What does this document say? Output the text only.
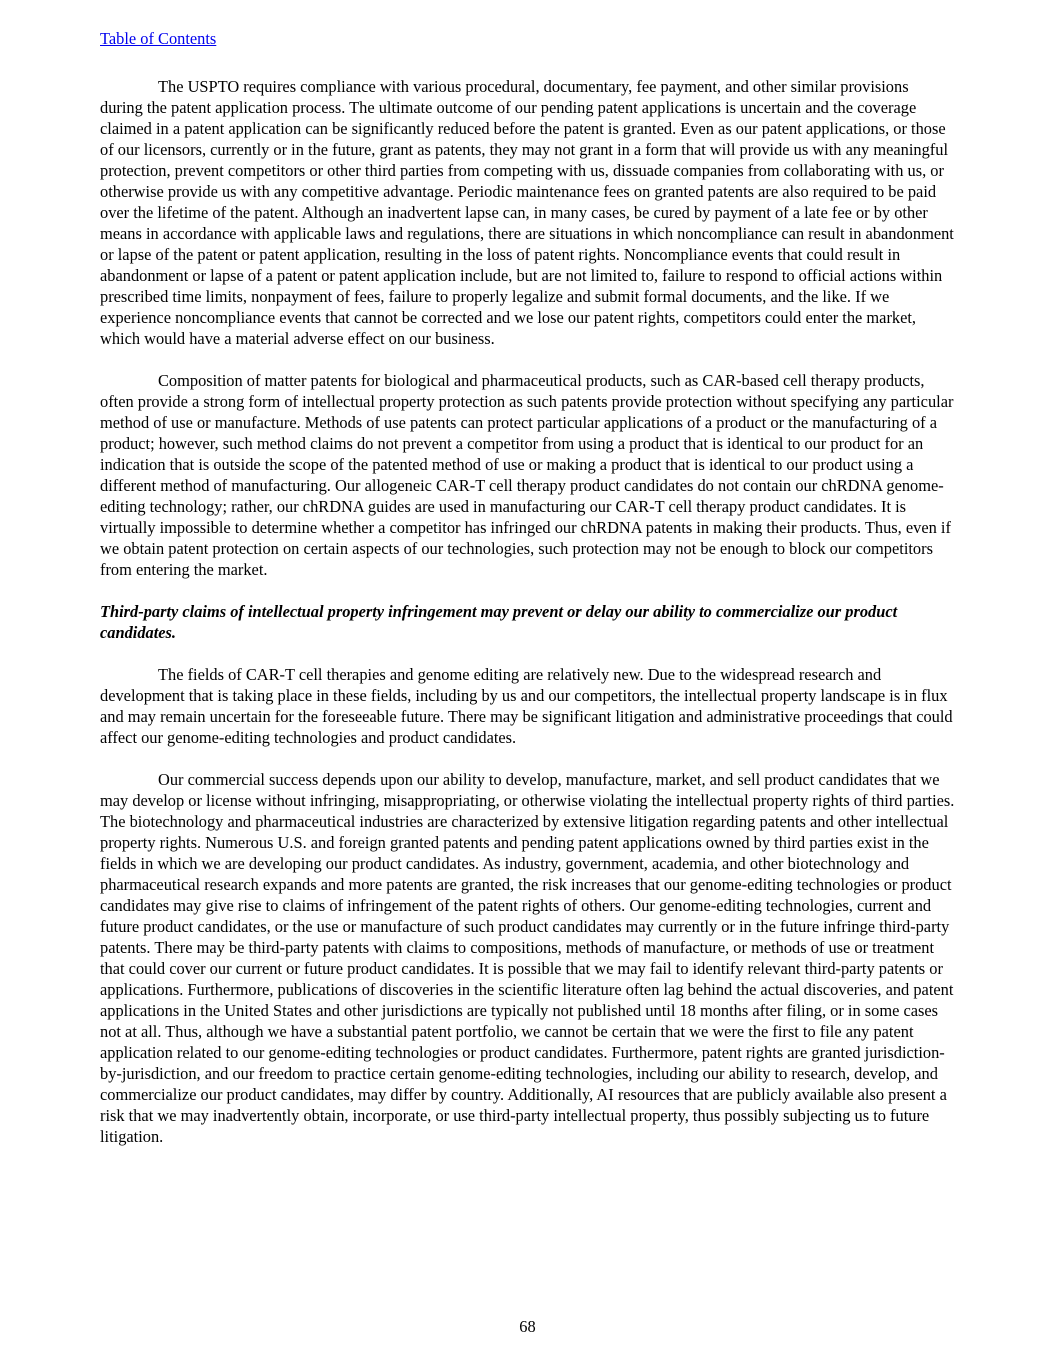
Table of Contents

The USPTO requires compliance with various procedural, documentary, fee payment, and other similar provisions during the patent application process. The ultimate outcome of our pending patent applications is uncertain and the coverage claimed in a patent application can be significantly reduced before the patent is granted. Even as our patent applications, or those of our licensors, currently or in the future, grant as patents, they may not grant in a form that will provide us with any meaningful protection, prevent competitors or other third parties from competing with us, dissuade companies from collaborating with us, or otherwise provide us with any competitive advantage. Periodic maintenance fees on granted patents are also required to be paid over the lifetime of the patent. Although an inadvertent lapse can, in many cases, be cured by payment of a late fee or by other means in accordance with applicable laws and regulations, there are situations in which noncompliance can result in abandonment or lapse of the patent or patent application, resulting in the loss of patent rights. Noncompliance events that could result in abandonment or lapse of a patent or patent application include, but are not limited to, failure to respond to official actions within prescribed time limits, nonpayment of fees, failure to properly legalize and submit formal documents, and the like. If we experience noncompliance events that cannot be corrected and we lose our patent rights, competitors could enter the market, which would have a material adverse effect on our business.

Composition of matter patents for biological and pharmaceutical products, such as CAR-based cell therapy products, often provide a strong form of intellectual property protection as such patents provide protection without specifying any particular method of use or manufacture. Methods of use patents can protect particular applications of a product or the manufacturing of a product; however, such method claims do not prevent a competitor from using a product that is identical to our product for an indication that is outside the scope of the patented method of use or making a product that is identical to our product using a different method of manufacturing. Our allogeneic CAR-T cell therapy product candidates do not contain our chRDNA genome-editing technology; rather, our chRDNA guides are used in manufacturing our CAR-T cell therapy product candidates. It is virtually impossible to determine whether a competitor has infringed our chRDNA patents in making their products. Thus, even if we obtain patent protection on certain aspects of our technologies, such protection may not be enough to block our competitors from entering the market.

Third-party claims of intellectual property infringement may prevent or delay our ability to commercialize our product candidates.

The fields of CAR-T cell therapies and genome editing are relatively new. Due to the widespread research and development that is taking place in these fields, including by us and our competitors, the intellectual property landscape is in flux and may remain uncertain for the foreseeable future. There may be significant litigation and administrative proceedings that could affect our genome-editing technologies and product candidates.

Our commercial success depends upon our ability to develop, manufacture, market, and sell product candidates that we may develop or license without infringing, misappropriating, or otherwise violating the intellectual property rights of third parties. The biotechnology and pharmaceutical industries are characterized by extensive litigation regarding patents and other intellectual property rights. Numerous U.S. and foreign granted patents and pending patent applications owned by third parties exist in the fields in which we are developing our product candidates. As industry, government, academia, and other biotechnology and pharmaceutical research expands and more patents are granted, the risk increases that our genome-editing technologies or product candidates may give rise to claims of infringement of the patent rights of others. Our genome-editing technologies, current and future product candidates, or the use or manufacture of such product candidates may currently or in the future infringe third-party patents. There may be third-party patents with claims to compositions, methods of manufacture, or methods of use or treatment that could cover our current or future product candidates. It is possible that we may fail to identify relevant third-party patents or applications. Furthermore, publications of discoveries in the scientific literature often lag behind the actual discoveries, and patent applications in the United States and other jurisdictions are typically not published until 18 months after filing, or in some cases not at all. Thus, although we have a substantial patent portfolio, we cannot be certain that we were the first to file any patent application related to our genome-editing technologies or product candidates. Furthermore, patent rights are granted jurisdiction-by-jurisdiction, and our freedom to practice certain genome-editing technologies, including our ability to research, develop, and commercialize our product candidates, may differ by country. Additionally, AI resources that are publicly available also present a risk that we may inadvertently obtain, incorporate, or use third-party intellectual property, thus possibly subjecting us to future litigation.

68
